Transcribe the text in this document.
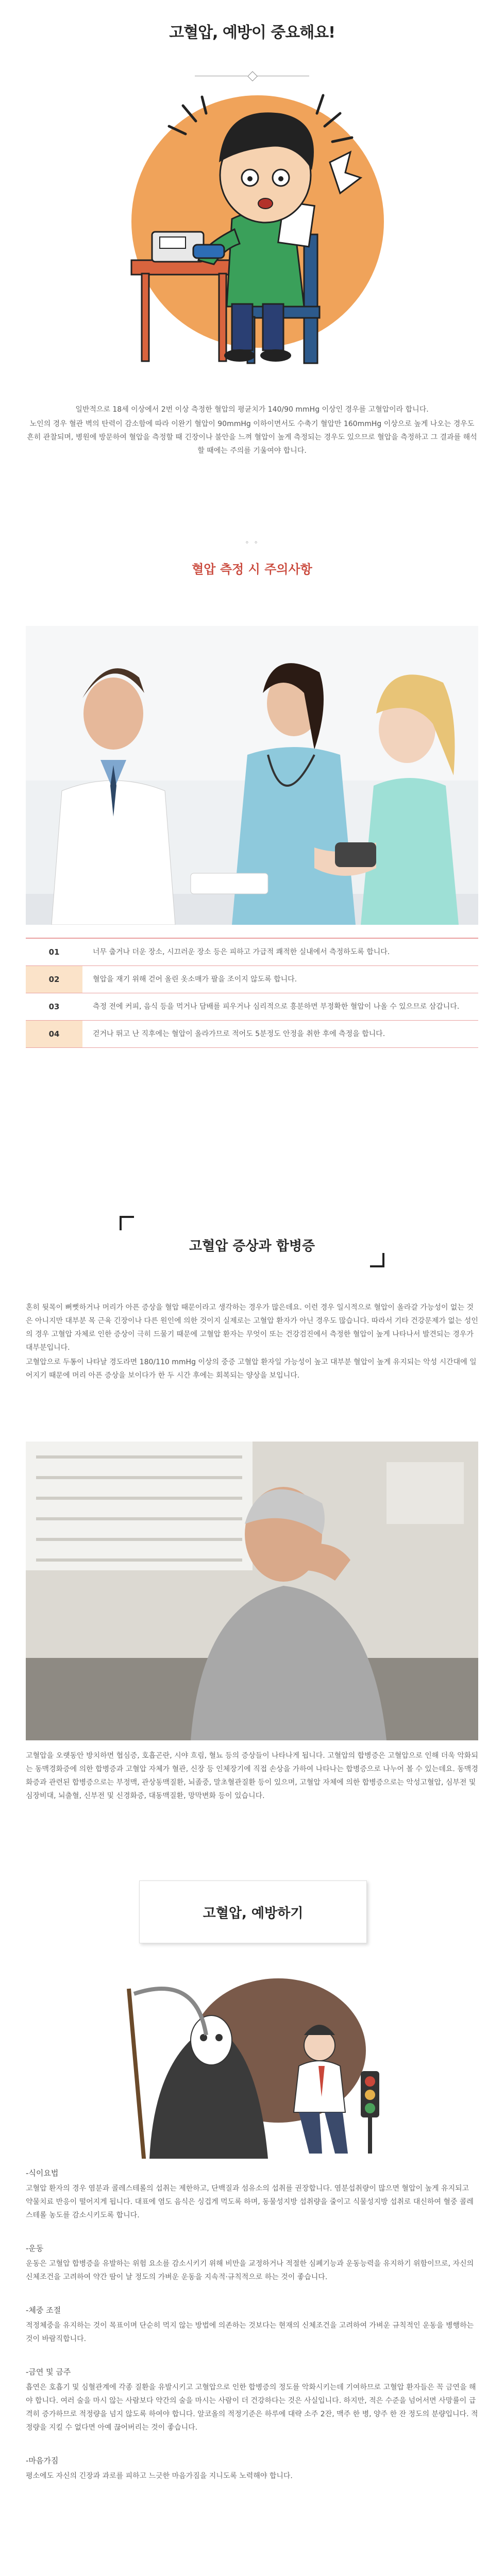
고혈압, 예방이 중요해요!

일반적으로 18세 이상에서 2번 이상 측정한 혈압의 평균치가 140/90 mmHg 이상인 경우를 고혈압이라 합니다.

노인의 경우 혈관 벽의 탄력이 감소함에 따라 이완기 혈압이 90mmHg 이하이면서도 수축기 혈압만 160mmHg 이상으로 높게 나오는 경우도 흔히 관찰되며, 병원에 방문하여 혈압을 측정할 때 긴장이나 불안을 느껴 혈압이 높게 측정되는 경우도 있으므로 혈압을 측정하고 그 결과를 해석할 때에는 주의를 기울여야 합니다.

∘ ∘
혈압 측정 시 주의사항
01	너무 춥거나 더운 장소, 시끄러운 장소 등은 피하고 가급적 쾌적한 실내에서 측정하도록 합니다.
02	혈압을 재기 위해 걷어 올린 옷소매가 팔을 조이지 않도록 합니다.
03	측정 전에 커피, 음식 등을 먹거나 담배를 피우거나 심리적으로 흥분하면 부정확한 혈압이 나올 수 있으므로 삼갑니다.
04	걷거나 뛰고 난 직후에는 혈압이 올라가므로 적어도 5분정도 안정을 취한 후에 측정을 합니다.
고혈압 증상과 합병증

혼히 뒷목이 뻐뻣하거나 머리가 아픈 증상을 혈압 때문이라고 생각하는 경우가 많은데요. 이런 경우 일시적으로 혈압이 올라갈 가능성이 없는 것은 아니지만 대부분 목 근육 긴장이나 다른 원인에 의한 것이지 실제로는 고혈압 환자가 아닌 경우도 많습니다. 따라서 기타 건강문제가 없는 성인의 경우 고혈압 자체로 인한 증상이 극히 드물기 때문에 고혈압 환자는 무엇이 또는 건강검진에서 측정한 혈압이 높게 나타나서 발견되는 경우가 대부분입니다.

고혈압으로 두통이 나타날 경도라면 180/110 mmHg 이상의 중증 고혈압 환자일 가능성이 높고 대부분 혈압이 높게 유지되는 악성 시간대에 일어지기 때문에 머리 아픈 증상을 보이다가 한 두 시간 후에는 회복되는 양상을 보입니다.

고혈압을 오랫동안 방치하면 협심증, 호흡곤란, 시야 흐림, 혈뇨 등의 증상들이 나타나게 됩니다. 고혈압의 합병증은 고혈압으로 인해 더욱 악화되는 동맥경화증에 의한 합병증과 고혈압 자체가 혈관, 신장 등 인체장기에 직접 손상을 가하여 나타나는 합병증으로 나누어 볼 수 있는데요. 동맥경화증과 관련된 합병증으로는 부정맥, 관상동맥질환, 뇌졸중, 말초혈관질환 등이 있으며, 고혈압 자체에 의한 합병증으로는 악성고혈압, 심부전 및 심장비대, 뇌출혈, 신부전 및 신경화증, 대동맥질환, 망막변화 등이 있습니다.

고혈압, 예방하기
-식이요법

고혈압 환자의 경우 염분과 콜레스테롤의 섭취는 제한하고, 단백질과 섬유소의 섭취를 권장합니다. 염분섭취량이 많으면 혈압이 높게 유지되고 약물치료 반응이 떨어지게 됩니다. 대표에 염도 음식은 싱겁게 먹도록 하며, 동물성지방 섭취량을 줄이고 식물성지방 섭취로 대신하여 혈중 콜레스테롤 농도를 감소시키도록 합니다.

-운동

운동은 고혈압 합병증을 유발하는 위험 요소를 감소시키기 위해 비만을 교정하거나 적절한 심폐기능과 운동능력을 유지하기 위함이므로, 자신의 신체조건을 고려하여 약간 땀이 날 정도의 가벼운 운동을 지속적·규칙적으로 하는 것이 좋습니다.

-체중 조절

적정체중을 유지하는 것이 목표이며 단순히 먹지 않는 방법에 의존하는 것보다는 현재의 신체조건을 고려하여 가벼운 규칙적인 운동을 병행하는 것이 바람직합니다.

-금연 및 금주

흡연은 호흡기 및 심혈관계에 각종 질환을 유발시키고 고혈압으로 인한 합병증의 정도를 악화시키는데 기여하므로 고혈압 환자들은 꼭 금연을 해야 합니다. 여러 술을 마시 않는 사람보다 약간의 술을 마시는 사람이 더 건강하다는 것은 사실입니다. 하지만, 적은 수준을 넘어서면 사망률이 급격히 증가하므로 적정량을 넘지 않도록 하여야 합니다. 알코올의 적정기준은 하루에 대략 소주 2잔, 맥주 한 병, 양주 한 잔 정도의 분량입니다. 적정량을 지킬 수 없다면 아예 끊어버리는 것이 좋습니다.

-마음가짐

평소에도 자신의 긴장과 과로를 피하고 느긋한 마음가짐을 지니도록 노력해야 합니다.
